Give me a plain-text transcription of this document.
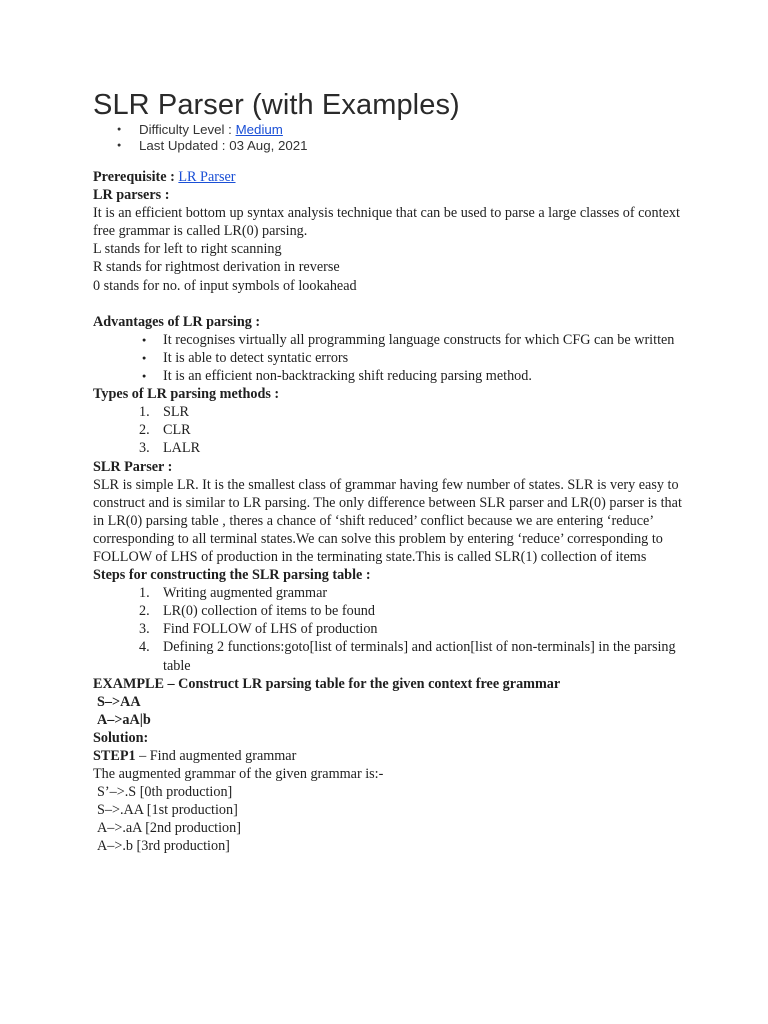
SLR Parser (with Examples)
● Difficulty Level : Medium
● Last Updated : 03 Aug, 2021

Prerequisite : LR Parser

LR parsers :

It is an efficient bottom up syntax analysis technique that can be used to parse a large classes of context free grammar is called LR(0) parsing.

L stands for left to right scanning

R stands for rightmost derivation in reverse

0 stands for no. of input symbols of lookahead

Advantages of LR parsing :

● It recognises virtually all programming language constructs for which CFG can be written
● It is able to detect syntatic errors
● It is an efficient non-backtracking shift reducing parsing method.

Types of LR parsing methods :

1. SLR
2. CLR
3. LALR

SLR Parser :

SLR is simple LR. It is the smallest class of grammar having few number of states. SLR is very easy to construct and is similar to LR parsing. The only difference between SLR parser and LR(0) parser is that in LR(0) parsing table , theres a chance of ‘shift reduced’ conflict because we are entering ‘reduce’ corresponding to all terminal states.We can solve this problem by entering ‘reduce’ corresponding to FOLLOW of LHS of production in the terminating state.This is called SLR(1) collection of items

Steps for constructing the SLR parsing table :

1. Writing augmented grammar
2. LR(0) collection of items to be found
3. Find FOLLOW of LHS of production
4. Defining 2 functions:goto[list of terminals] and action[list of non-terminals] in the parsing table

EXAMPLE – Construct LR parsing table for the given context free grammar

S–>AA

A–>aA|b

Solution:

STEP1 – Find augmented grammar

The augmented grammar of the given grammar is:-

S’–>.S [0th production]

S–>.AA [1st production]

A–>.aA [2nd production]

A–>.b [3rd production]
